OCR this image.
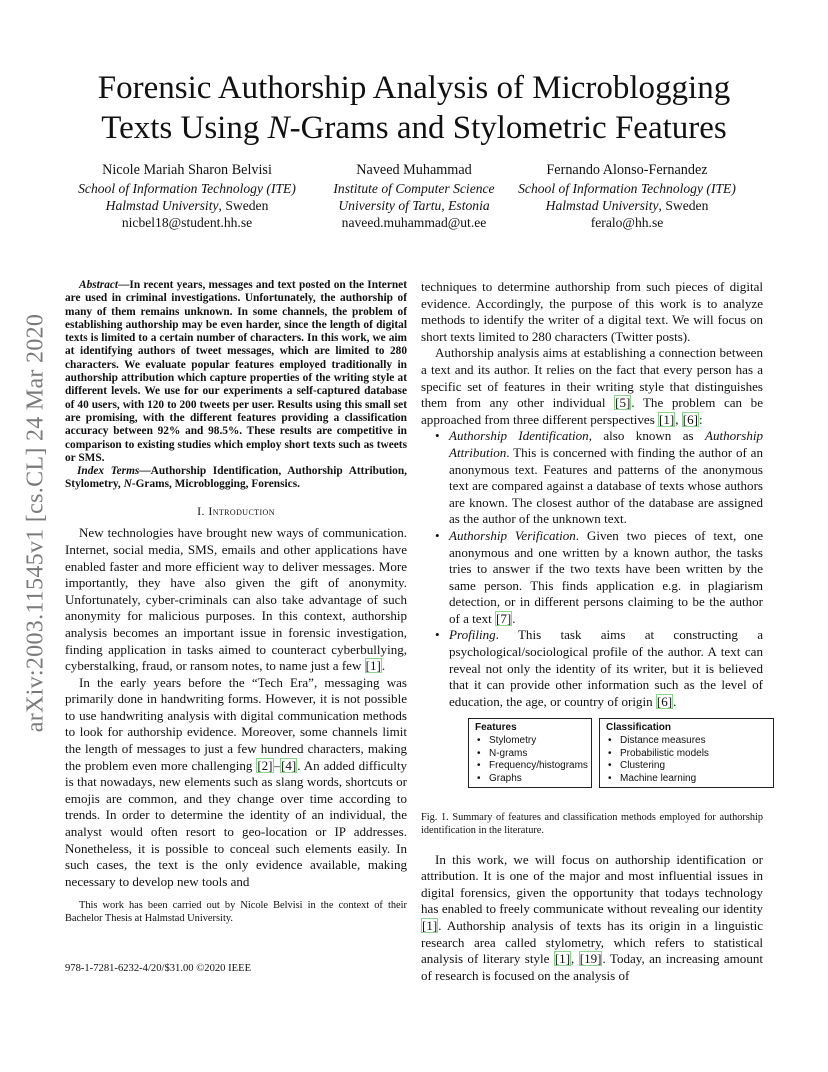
Forensic Authorship Analysis of Microblogging
Texts Using N-Grams and Stylometric Features
Nicole Mariah Sharon Belvisi
School of Information Technology (ITE)
Halmstad University, Sweden
nicbel18@student.hh.se
Naveed Muhammad
Institute of Computer Science
University of Tartu, Estonia
naveed.muhammad@ut.ee
Fernando Alonso-Fernandez
School of Information Technology (ITE)
Halmstad University, Sweden
feralo@hh.se
arXiv:2003.11545v1 [cs.CL] 24 Mar 2020

Abstract—In recent years, messages and text posted on the Internet are used in criminal investigations. Unfortunately, the authorship of many of them remains unknown. In some channels, the problem of establishing authorship may be even harder, since the length of digital texts is limited to a certain number of characters. In this work, we aim at identifying authors of tweet messages, which are limited to 280 characters. We evaluate popular features employed traditionally in authorship attribution which capture properties of the writing style at different levels. We use for our experiments a self-captured database of 40 users, with 120 to 200 tweets per user. Results using this small set are promising, with the different features providing a classification accuracy between 92% and 98.5%. These results are competitive in comparison to existing studies which employ short texts such as tweets or SMS.

Index Terms—Authorship Identification, Authorship Attribution, Stylometry, N-Grams, Microblogging, Forensics.

I. Introduction

New technologies have brought new ways of communication. Internet, social media, SMS, emails and other applications have enabled faster and more efficient way to deliver messages. More importantly, they have also given the gift of anonymity. Unfortunately, cyber-criminals can also take advantage of such anonymity for malicious purposes. In this context, authorship analysis becomes an important issue in forensic investigation, finding application in tasks aimed to counteract cyberbullying, cyberstalking, fraud, or ransom notes, to name just a few [1].

In the early years before the “Tech Era”, messaging was primarily done in handwriting forms. However, it is not possible to use handwriting analysis with digital communication methods to look for authorship evidence. Moreover, some channels limit the length of messages to just a few hundred characters, making the problem even more challenging [2]–[4]. An added difficulty is that nowadays, new elements such as slang words, shortcuts or emojis are common, and they change over time according to trends. In order to determine the identity of an individual, the analyst would often resort to geo-location or IP addresses. Nonetheless, it is possible to conceal such elements easily. In such cases, the text is the only evidence available, making necessary to develop new tools and

This work has been carried out by Nicole Belvisi in the context of their Bachelor Thesis at Halmstad University.

978-1-7281-6232-4/20/$31.00 ©2020 IEEE

techniques to determine authorship from such pieces of digital evidence. Accordingly, the purpose of this work is to analyze methods to identify the writer of a digital text. We will focus on short texts limited to 280 characters (Twitter posts).

Authorship analysis aims at establishing a connection between a text and its author. It relies on the fact that every person has a specific set of features in their writing style that distinguishes them from any other individual [5]. The problem can be approached from three different perspectives [1], [6]:

• Authorship Identification, also known as Authorship Attribution. This is concerned with finding the author of an anonymous text. Features and patterns of the anonymous text are compared against a database of texts whose authors are known. The closest author of the database are assigned as the author of the unknown text.
• Authorship Verification. Given two pieces of text, one anonymous and one written by a known author, the tasks tries to answer if the two texts have been written by the same person. This finds application e.g. in plagiarism detection, or in different persons claiming to be the author of a text [7].
• Profiling. This task aims at constructing a psychological/sociological profile of the author. A text can reveal not only the identity of its writer, but it is believed that it can provide other information such as the level of education, the age, or country of origin [6].

Fig. 1. Summary of features and classification methods employed for authorship identification in the literature.

In this work, we will focus on authorship identification or attribution. It is one of the major and most influential issues in digital forensics, given the opportunity that todays technology has enabled to freely communicate without revealing our identity [1]. Authorship analysis of texts has its origin in a linguistic research area called stylometry, which refers to statistical analysis of literary style [1], [19]. Today, an increasing amount of research is focused on the analysis of

Features
• Stylometry
• N-grams
• Frequency/histograms
• Graphs
Classification
• Distance measures
• Probabilistic models
• Clustering
• Machine learning
